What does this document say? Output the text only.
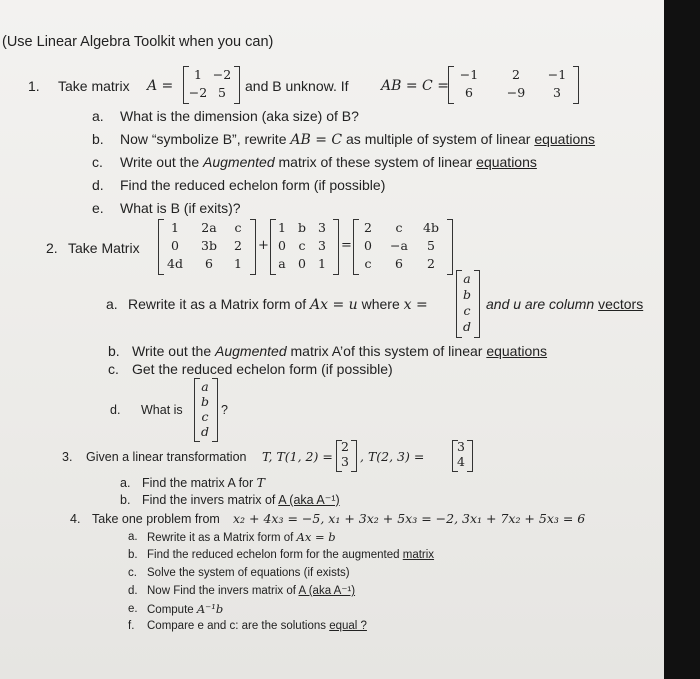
(Use Linear Algebra Toolkit when you can)
1. Take matrix A =
1 −2
−2 5	and B unknow. If AB = C =
−1	2	−1
6	−9	3
a. What is the dimension (aka size) of B?
b. Now “symbolize B”, rewrite AB = C as multiple of system of linear equations
c. Write out the Augmented matrix of these system of linear equations
d. Find the reduced echelon form (if possible)
e. What is B (if exits)?
2. Take Matrix
1	2a	c
0	3b	2
4d	6	1
+
1 b 3
0	c	3
a 0 1
=
2	c	4b
0	−a	5
c	6	2
a. Rewrite it as a Matrix form of Ax = u where x =
a
b
c
d
and u are column vectors
b. Write out the Augmented matrix A’of this system of linear equations
c. Get the reduced echelon form (if possible)
d. What is
a
b
c
d
?
3. Given a linear transformation T, T(1, 2) =
2
3 , T(2, 3) =
3
4
a. Find the matrix A for T
b. Find the invers matrix of A (aka A⁻¹)
4. Take one problem from x₂ + 4x₃ = −5, x₁ + 3x₂ + 5x₃ = −2, 3x₁ + 7x₂ + 5x₃ = 6
a. Rewrite it as a Matrix form of Ax = b
b. Find the reduced echelon form for the augmented matrix
c. Solve the system of equations (if exists)
d. Now Find the invers matrix of A (aka A⁻¹)
e. Compute A⁻¹b
f. Compare e and c: are the solutions equal ?
